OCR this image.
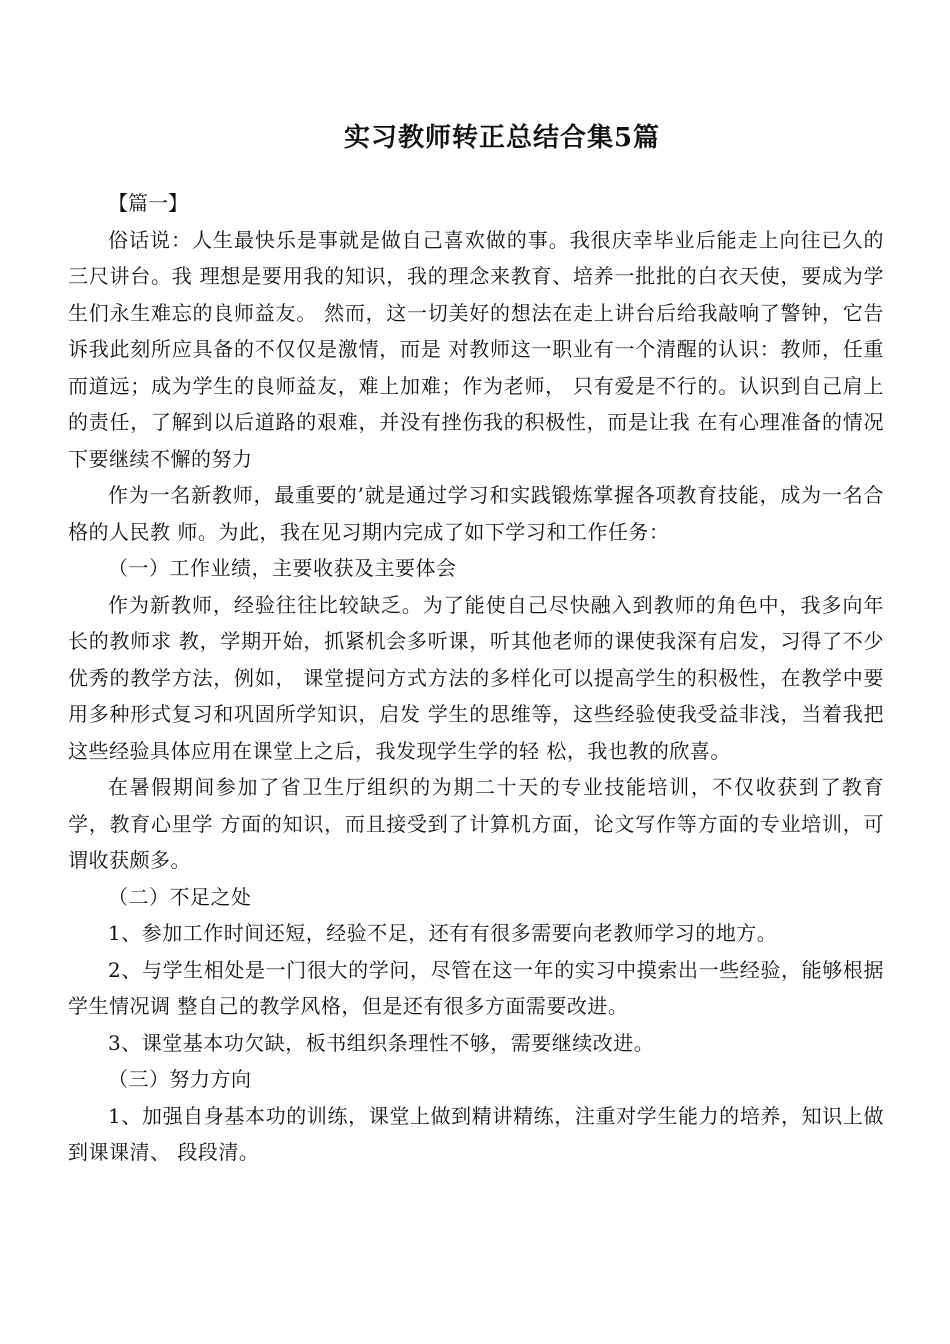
实习教师转正总结合集5篇

【篇一】

俗话说：人生最快乐是事就是做自己喜欢做的事。我很庆幸毕业后能走上向往已久的三尺讲台。我 理想是要用我的知识，我的理念来教育、培养一批批的白衣天使，要成为学生们永生难忘的良师益友。 然而，这一切美好的想法在走上讲台后给我敲响了警钟，它告诉我此刻所应具备的不仅仅是激情，而是 对教师这一职业有一个清醒的认识：教师，任重而道远；成为学生的良师益友，难上加难；作为老师， 只有爱是不行的。认识到自己肩上的责任，了解到以后道路的艰难，并没有挫伤我的积极性，而是让我 在有心理准备的情况下要继续不懈的努力

作为一名新教师，最重要的’就是通过学习和实践锻炼掌握各项教育技能，成为一名合格的人民教 师。为此，我在见习期内完成了如下学习和工作任务：

（一）工作业绩，主要收获及主要体会

作为新教师，经验往往比较缺乏。为了能使自己尽快融入到教师的角色中，我多向年长的教师求 教，学期开始，抓紧机会多听课，听其他老师的课使我深有启发，习得了不少优秀的教学方法，例如， 课堂提问方式方法的多样化可以提高学生的积极性，在教学中要用多种形式复习和巩固所学知识，启发 学生的思维等，这些经验使我受益非浅，当着我把这些经验具体应用在课堂上之后，我发现学生学的轻 松，我也教的欣喜。

在暑假期间参加了省卫生厅组织的为期二十天的专业技能培训，不仅收获到了教育学，教育心里学 方面的知识，而且接受到了计算机方面，论文写作等方面的专业培训，可谓收获颇多。

（二）不足之处

1、参加工作时间还短，经验不足，还有有很多需要向老教师学习的地方。

2、与学生相处是一门很大的学问，尽管在这一年的实习中摸索出一些经验，能够根据学生情况调 整自己的教学风格，但是还有很多方面需要改进。

3、课堂基本功欠缺，板书组织条理性不够，需要继续改进。

（三）努力方向

1、加强自身基本功的训练，课堂上做到精讲精练，注重对学生能力的培养，知识上做到课课清、 段段清。
